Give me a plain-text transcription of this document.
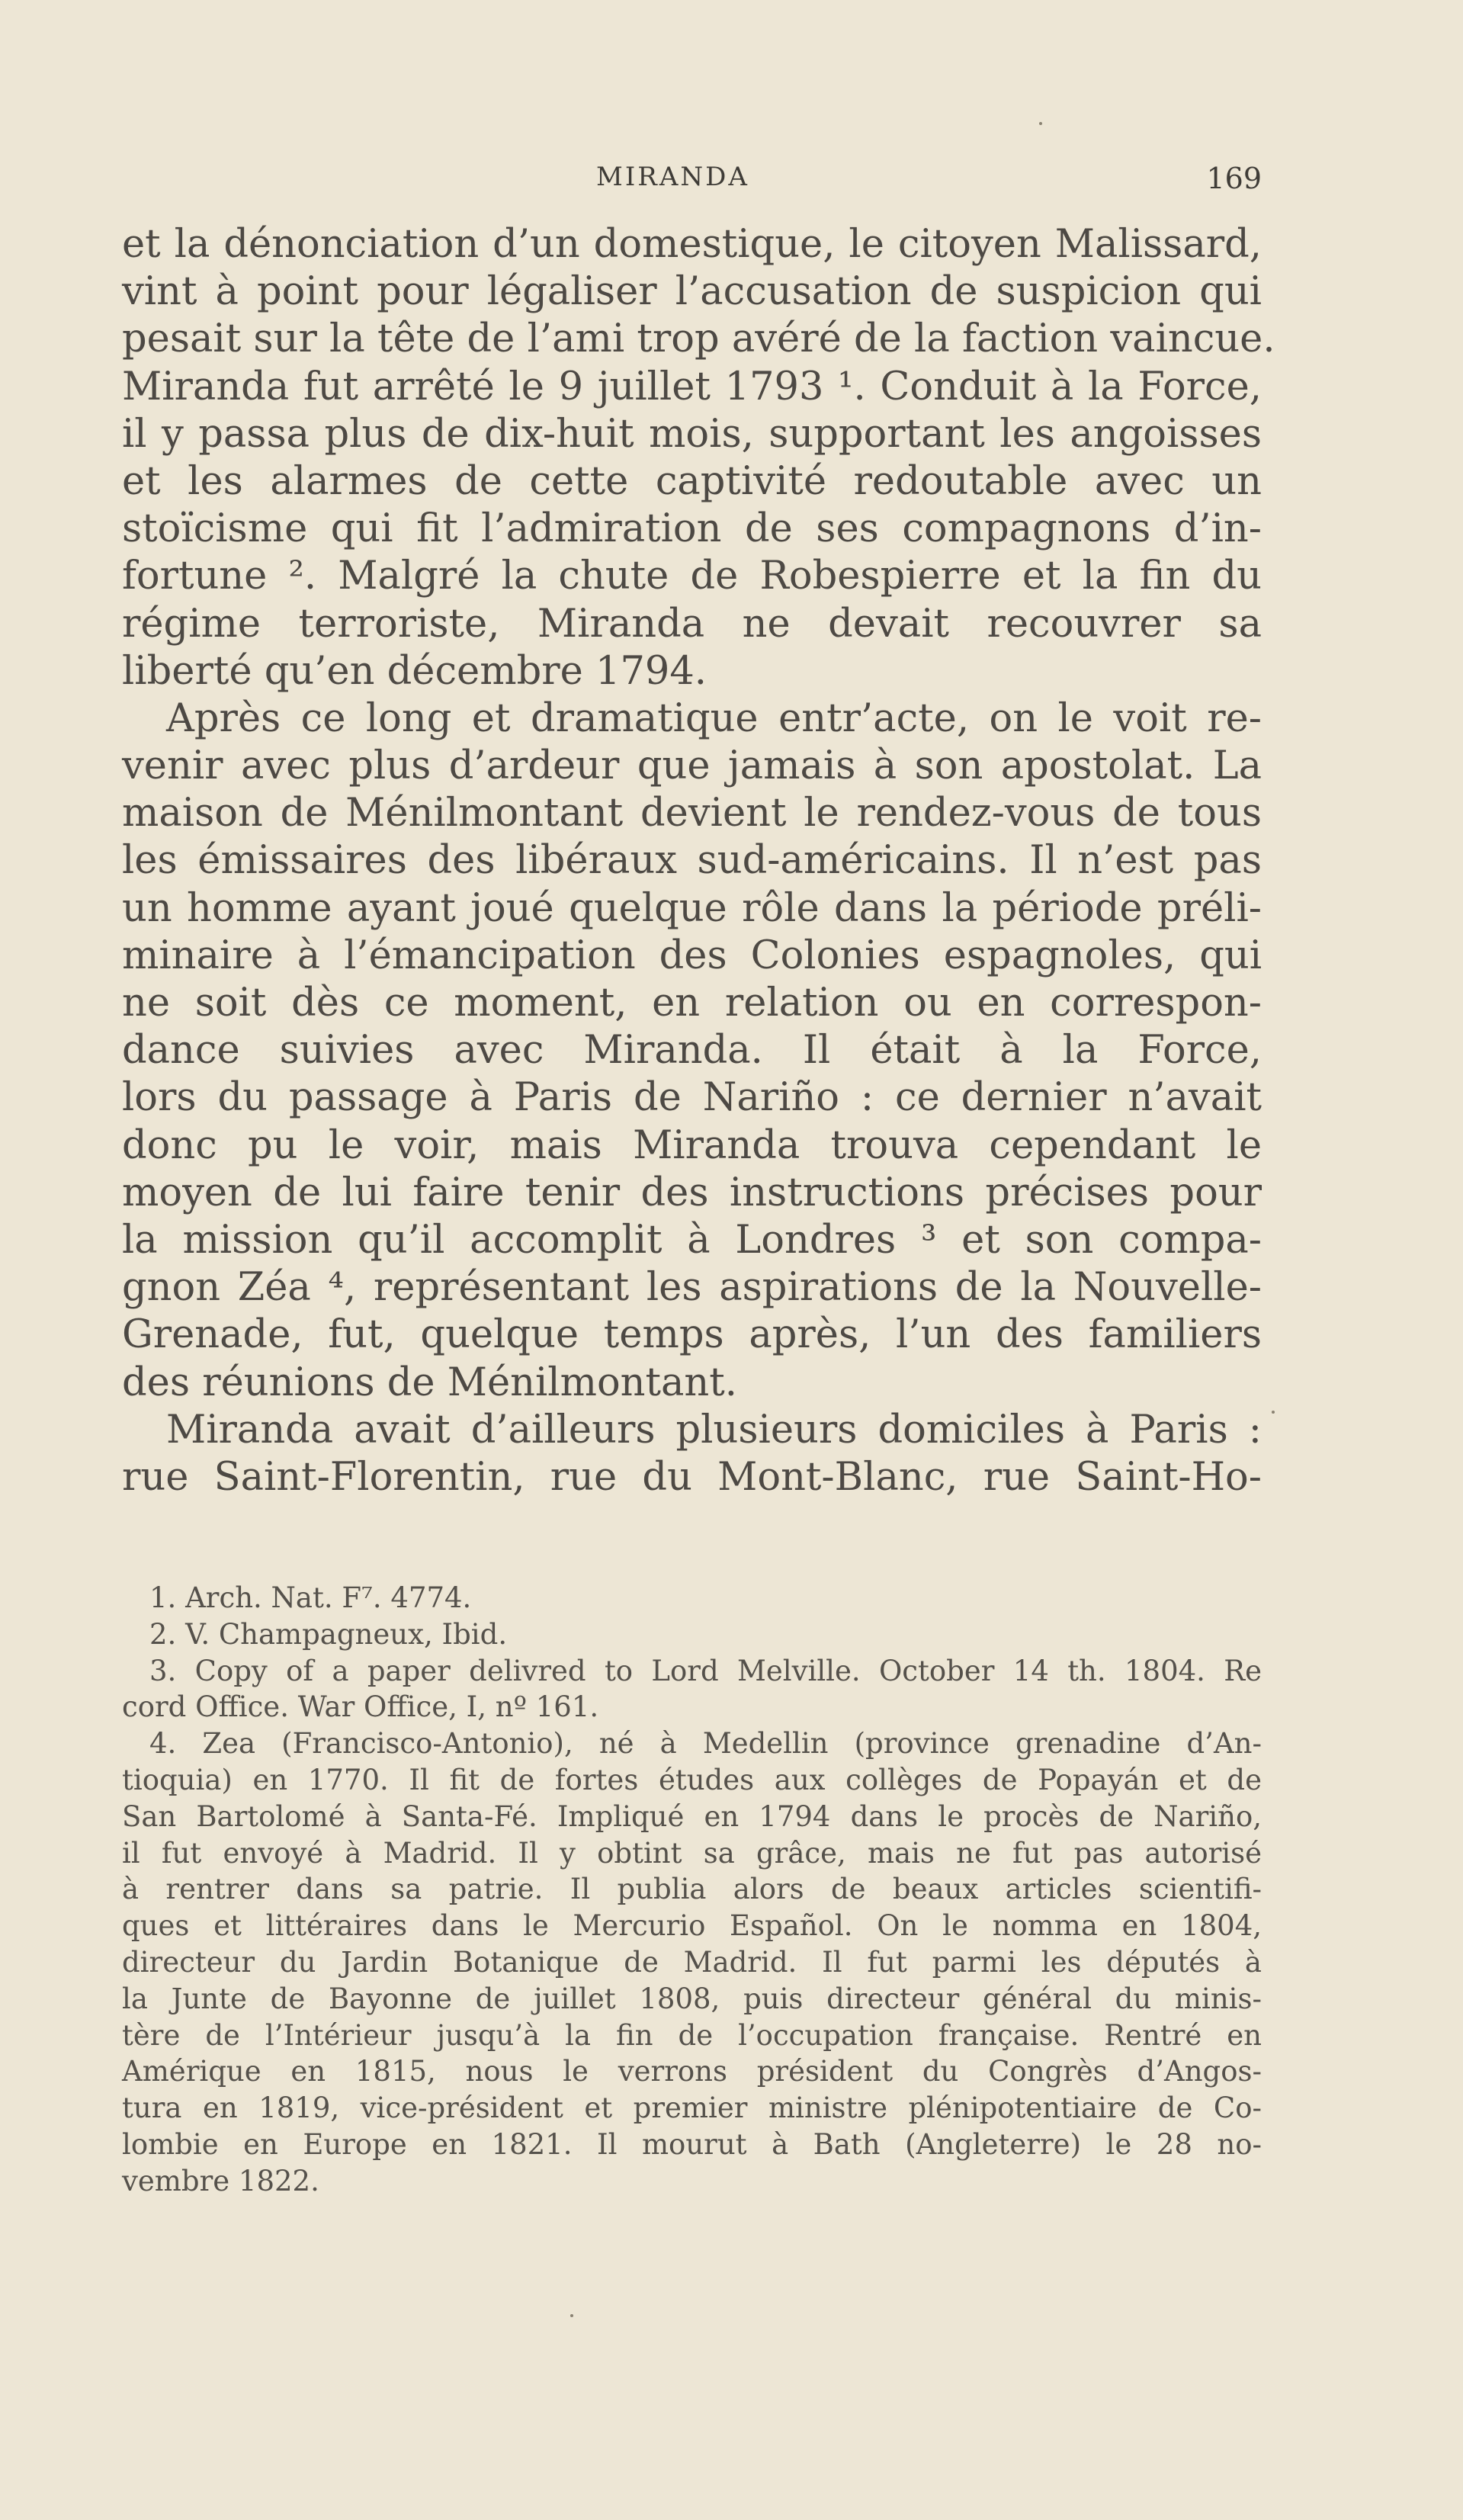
MIRANDA	169
et la dénonciation d’un domestique, le citoyen Malissard,
vint à point pour légaliser l’accusation de suspicion qui
pesait sur la tête de l’ami trop avéré de la faction vaincue.
Miranda fut arrêté le 9 juillet 1793 ¹. Conduit à la Force,
il y passa plus de dix-huit mois, supportant les angoisses
et les alarmes de cette captivité redoutable avec un
stoïcisme qui fit l’admiration de ses compagnons d’in-
fortune ². Malgré la chute de Robespierre et la fin du
régime terroriste, Miranda ne devait recouvrer sa
liberté qu’en décembre 1794.
Après ce long et dramatique entr’acte, on le voit re-
venir avec plus d’ardeur que jamais à son apostolat. La
maison de Ménilmontant devient le rendez-vous de tous
les émissaires des libéraux sud-américains. Il n’est pas
un homme ayant joué quelque rôle dans la période préli-
minaire à l’émancipation des Colonies espagnoles, qui
ne soit dès ce moment, en relation ou en correspon-
dance suivies avec Miranda. Il était à la Force,
lors du passage à Paris de Nariño : ce dernier n’avait
donc pu le voir, mais Miranda trouva cependant le
moyen de lui faire tenir des instructions précises pour
la mission qu’il accomplit à Londres ³ et son compa-
gnon Zéa ⁴, représentant les aspirations de la Nouvelle-
Grenade, fut, quelque temps après, l’un des familiers
des réunions de Ménilmontant.
Miranda avait d’ailleurs plusieurs domiciles à Paris :
rue Saint-Florentin, rue du Mont-Blanc, rue Saint-Ho-
1. Arch. Nat. F⁷. 4774.
2. V. Champagneux, Ibid.
3. Copy of a paper delivred to Lord Melville. October 14 th. 1804. Re
cord Office. War Office, I, nº 161.
4. Zea (Francisco-Antonio), né à Medellin (province grenadine d’An-
tioquia) en 1770. Il fit de fortes études aux collèges de Popayán et de
San Bartolomé à Santa-Fé. Impliqué en 1794 dans le procès de Nariño,
il fut envoyé à Madrid. Il y obtint sa grâce, mais ne fut pas autorisé
à rentrer dans sa patrie. Il publia alors de beaux articles scientifi-
ques et littéraires dans le Mercurio Español. On le nomma en 1804,
directeur du Jardin Botanique de Madrid. Il fut parmi les députés à
la Junte de Bayonne de juillet 1808, puis directeur général du minis-
tère de l’Intérieur jusqu’à la fin de l’occupation française. Rentré en
Amérique en 1815, nous le verrons président du Congrès d’Angos-
tura en 1819, vice-président et premier ministre plénipotentiaire de Co-
lombie en Europe en 1821. Il mourut à Bath (Angleterre) le 28 no-
vembre 1822.
